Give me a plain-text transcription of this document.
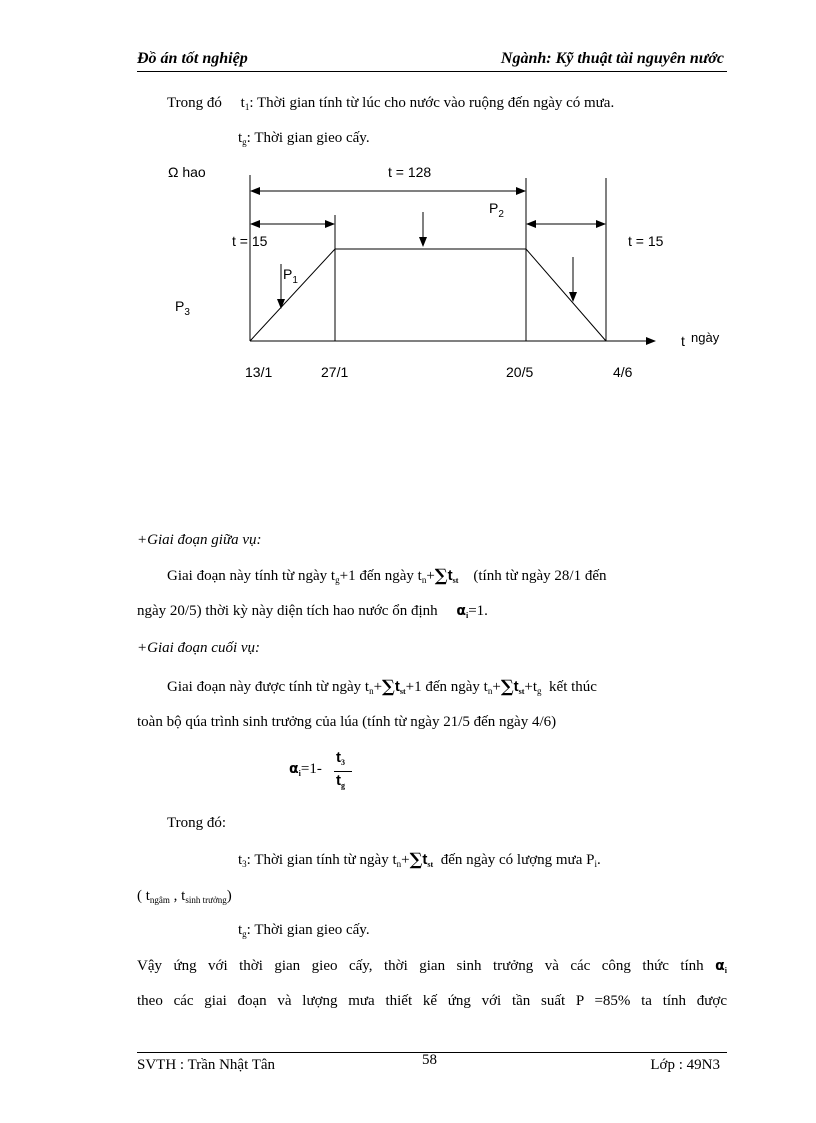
Đồ án tốt nghiệp	Ngành: Kỹ thuật tài nguyên nước
Trong đó $t_1$: Thời gian tính từ lúc cho nước vào ruộng đến ngày có mưa.
$t_g$: Thời gian gieo cấy.
Ω hao	t = 128
t = 15	t = 15
$P_1$
$P_2$
$P_3$
t ngày
13/1	27/1	20/5	4/6
+Giai đoạn giữa vụ:
Giai đoạn này tính từ ngày $t_g+1$ đến ngày $t_n+\sum t_{st}$ (tính từ ngày 28/1 đến
ngày 20/5) thời kỳ này diện tích hao nước ổn định $\alpha_i=1$.
+Giai đoạn cuối vụ:
Giai đoạn này được tính từ ngày $t_n+\sum t_{st}+1$ đến ngày $t_n+\sum t_{st}+t_g$ kết thúc
toàn bộ qúa trình sinh trưởng của lúa (tính từ ngày 21/5 đến ngày 4/6)
$\alpha_i=1-$
$t_3$
$t_g$
Trong đó:
$t_3$: Thời gian tính từ ngày $t_n+\sum t_{st}$ đến ngày có lượng mưa $P_i$.
( $t_{ngâm}$ , $t_{sinh trưởng}$)
$t_g$: Thời gian gieo cấy.
Vậy ứng với thời gian gieo cấy, thời gian sinh trưởng và các công thức tính $\alpha_i$
theo các giai đoạn và lượng mưa thiết kế ứng với tần suất P =85% ta tính được
SVTH : Trần Nhật Tân	58	Lớp : 49N3
